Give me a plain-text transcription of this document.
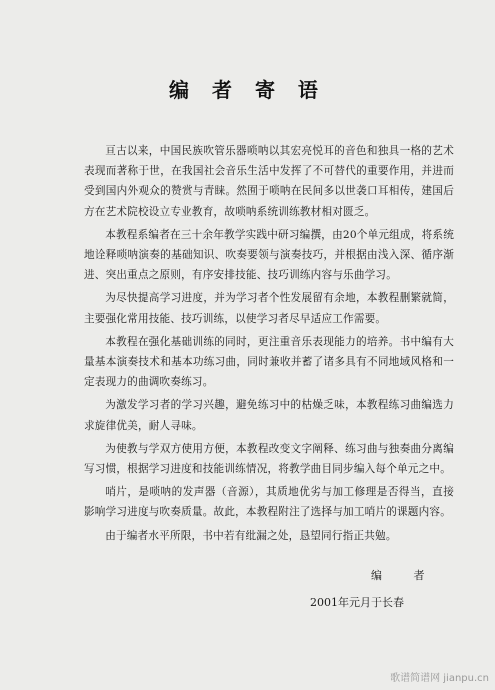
编 者 寄 语

亘古以来，中国民族吹管乐器唢呐以其宏亮悦耳的音色和独具一格的艺术表现而著称于世，在我国社会音乐生活中发挥了不可替代的重要作用，并进而受到国内外观众的赞赏与青睐。然囿于唢呐在民间多以世袭口耳相传，建国后方在艺术院校设立专业教育，故唢呐系统训练教材相对匮乏。

本教程系编者在三十余年教学实践中研习编撰，由20个单元组成，将系统地诠释唢呐演奏的基础知识、吹奏要领与演奏技巧，并根据由浅入深、循序渐进、突出重点之原则，有序安排技能、技巧训练内容与乐曲学习。

为尽快提高学习进度，并为学习者个性发展留有余地，本教程删繁就简，主要强化常用技能、技巧训练，以使学习者尽早适应工作需要。

本教程在强化基础训练的同时，更注重音乐表现能力的培养。书中编有大量基本演奏技术和基本功练习曲，同时兼收并蓄了诸多具有不同地域风格和一定表现力的曲调吹奏练习。

为激发学习者的学习兴趣，避免练习中的枯燥乏味，本教程练习曲编选力求旋律优美，耐人寻味。

为使教与学双方使用方便，本教程改变文字阐释、练习曲与独奏曲分离编写习惯，根据学习进度和技能训练情况，将教学曲目同步编入每个单元之中。

哨片，是唢呐的发声器（音源），其质地优劣与加工修理是否得当，直接影响学习进度与吹奏质量。故此，本教程附注了选择与加工哨片的课题内容。

由于编者水平所限，书中若有纰漏之处，恳望同行指正共勉。

编 者
2001年元月于长春
歌谱简谱网 jianpu.cn
